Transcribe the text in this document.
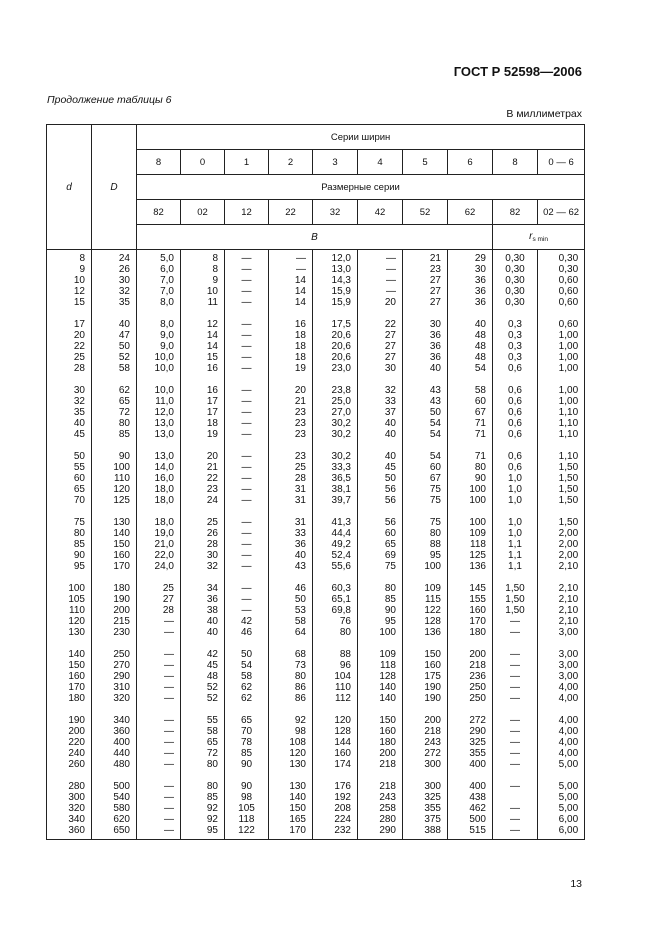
ГОСТ Р 52598—2006
Продолжение таблицы 6
В миллиметрах
d	D	Серии ширин									
		8	0	1	2	3	4	5	6	8	0 — 6
		Размерные серии									
		82	02	12	22	32	42	52	62	82	02 — 62
		B								$r_{s min}$
8	24	5,0	8	—	—	12,0	—	21	29	0,30	0,30
9	26	6,0	8	—	—	13,0	—	23	30	0,30	0,30
10	30	7,0	9	—	14	14,3	—	27	36	0,30	0,60
12	32	7,0	10	—	14	15,9	—	27	36	0,30	0,60
15	35	8,0	11	—	14	15,9	20	27	36	0,30	0,60

17	40	8,0	12	—	16	17,5	22	30	40	0,3	0,60
20	47	9,0	14	—	18	20,6	27	36	48	0,3	1,00
22	50	9,0	14	—	18	20,6	27	36	48	0,3	1,00
25	52	10,0	15	—	18	20,6	27	36	48	0,3	1,00
28	58	10,0	16	—	19	23,0	30	40	54	0,6	1,00

30	62	10,0	16	—	20	23,8	32	43	58	0,6	1,00
32	65	11,0	17	—	21	25,0	33	43	60	0,6	1,00
35	72	12,0	17	—	23	27,0	37	50	67	0,6	1,10
40	80	13,0	18	—	23	30,2	40	54	71	0,6	1,10
45	85	13,0	19	—	23	30,2	40	54	71	0,6	1,10

50	90	13,0	20	—	23	30,2	40	54	71	0,6	1,10
55	100	14,0	21	—	25	33,3	45	60	80	0,6	1,50
60	110	16,0	22	—	28	36,5	50	67	90	1,0	1,50
65	120	18,0	23	—	31	38,1	56	75	100	1,0	1,50
70	125	18,0	24	—	31	39,7	56	75	100	1,0	1,50

75	130	18,0	25	—	31	41,3	56	75	100	1,0	1,50
80	140	19,0	26	—	33	44,4	60	80	109	1,0	2,00
85	150	21,0	28	—	36	49,2	65	88	118	1,1	2,00
90	160	22,0	30	—	40	52,4	69	95	125	1,1	2,00
95	170	24,0	32	—	43	55,6	75	100	136	1,1	2,10

100	180	25	34	—	46	60,3	80	109	145	1,50	2,10
105	190	27	36	—	50	65,1	85	115	155	1,50	2,10
110	200	28	38	—	53	69,8	90	122	160	1,50	2,10
120	215	—	40	42	58	76	95	128	170	—	2,10
130	230	—	40	46	64	80	100	136	180	—	3,00

140	250	—	42	50	68	88	109	150	200	—	3,00
150	270	—	45	54	73	96	118	160	218	—	3,00
160	290	—	48	58	80	104	128	175	236	—	3,00
170	310	—	52	62	86	110	140	190	250	—	4,00
180	320	—	52	62	86	112	140	190	250	—	4,00

190	340	—	55	65	92	120	150	200	272	—	4,00
200	360	—	58	70	98	128	160	218	290	—	4,00
220	400	—	65	78	108	144	180	243	325	—	4,00
240	440	—	72	85	120	160	200	272	355	—	4,00
260	480	—	80	90	130	174	218	300	400	—	5,00

280	500	—	80	90	130	176	218	300	400	—	5,00
300	540	—	85	98	140	192	243	325	438		5,00
320	580	—	92	105	150	208	258	355	462	—	5,00
340	620	—	92	118	165	224	280	375	500	—	6,00
360	650	—	95	122	170	232	290	388	515	—	6,00
13
